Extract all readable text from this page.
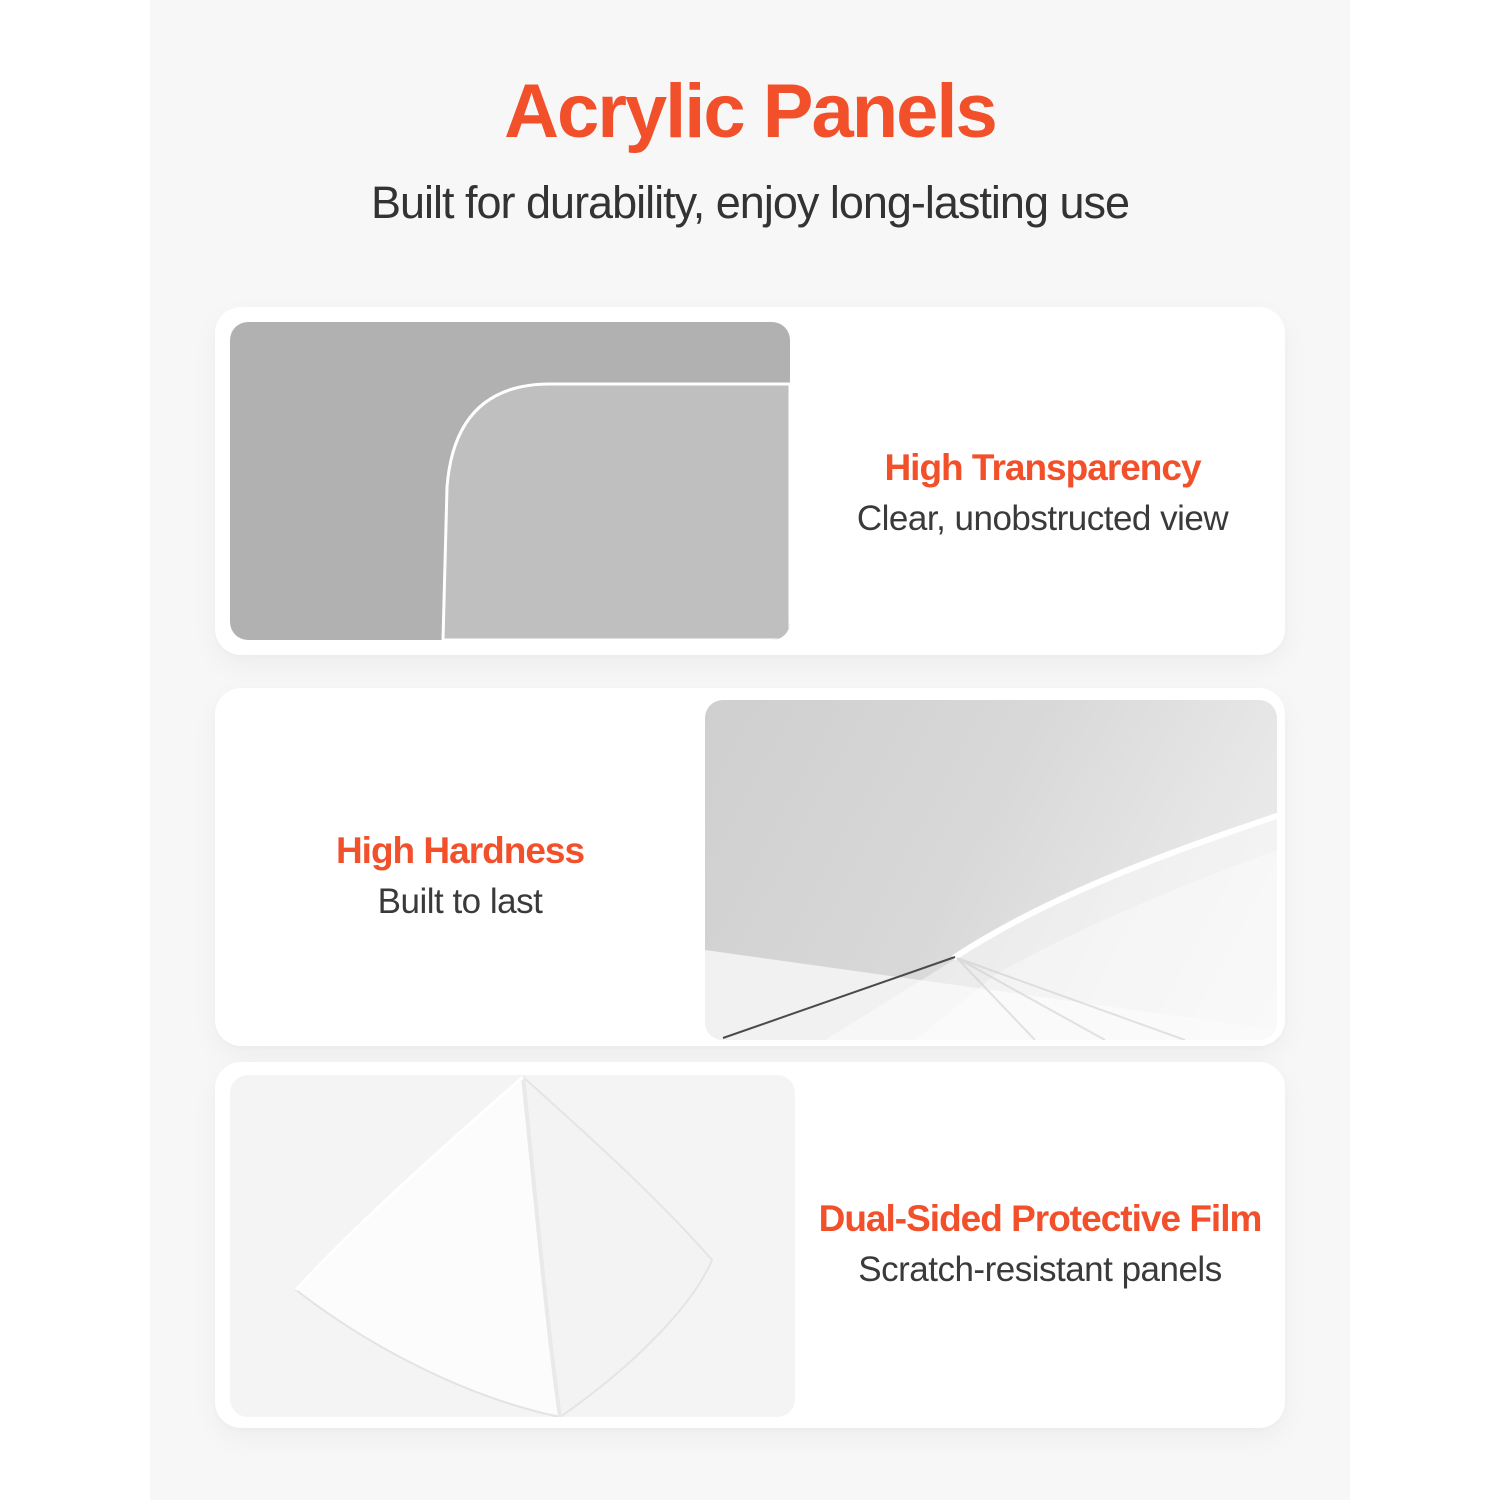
Acrylic Panels
Built for durability, enjoy long-lasting use
High Transparency
Clear, unobstructed view
High Hardness
Built to last
Dual-Sided Protective Film
Scratch-resistant panels
